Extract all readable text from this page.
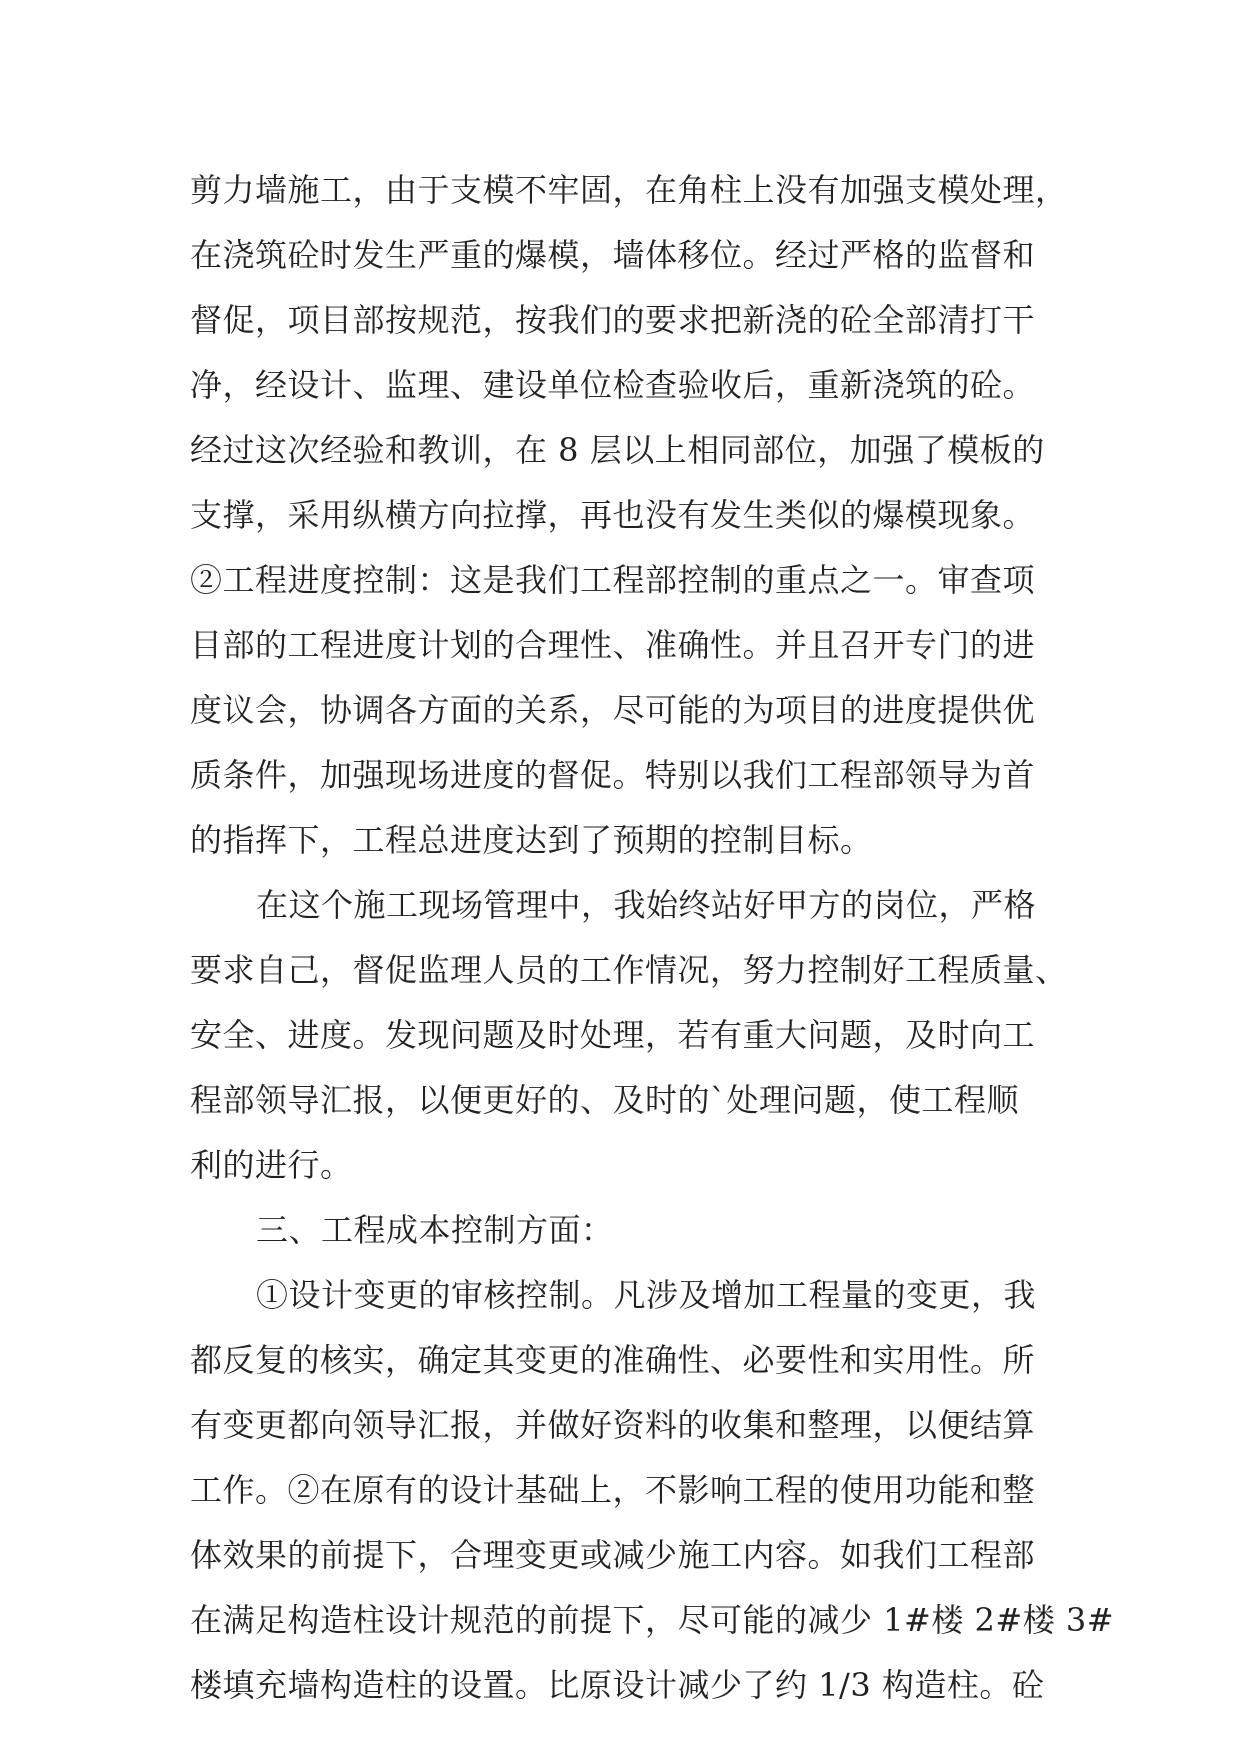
剪力墙施工，由于支模不牢固，在角柱上没有加强支模处理，
在浇筑砼时发生严重的爆模，墙体移位。经过严格的监督和
督促，项目部按规范，按我们的要求把新浇的砼全部清打干
净，经设计、监理、建设单位检查验收后，重新浇筑的砼。
经过这次经验和教训，在 8 层以上相同部位，加强了模板的
支撑，采用纵横方向拉撑，再也没有发生类似的爆模现象。
②工程进度控制：这是我们工程部控制的重点之一。审查项
目部的工程进度计划的合理性、准确性。并且召开专门的进
度议会，协调各方面的关系，尽可能的为项目的进度提供优
质条件，加强现场进度的督促。特别以我们工程部领导为首
的指挥下，工程总进度达到了预期的控制目标。
在这个施工现场管理中，我始终站好甲方的岗位，严格
要求自己，督促监理人员的工作情况，努力控制好工程质量、
安全、进度。发现问题及时处理，若有重大问题，及时向工
程部领导汇报，以便更好的、及时的`处理问题，使工程顺
利的进行。
三、工程成本控制方面：
①设计变更的审核控制。凡涉及增加工程量的变更，我
都反复的核实，确定其变更的准确性、必要性和实用性。所
有变更都向领导汇报，并做好资料的收集和整理，以便结算
工作。②在原有的设计基础上，不影响工程的使用功能和整
体效果的前提下，合理变更或减少施工内容。如我们工程部
在满足构造柱设计规范的前提下，尽可能的减少 1#楼 2#楼 3#
楼填充墙构造柱的设置。比原设计减少了约 1/3 构造柱。砼
